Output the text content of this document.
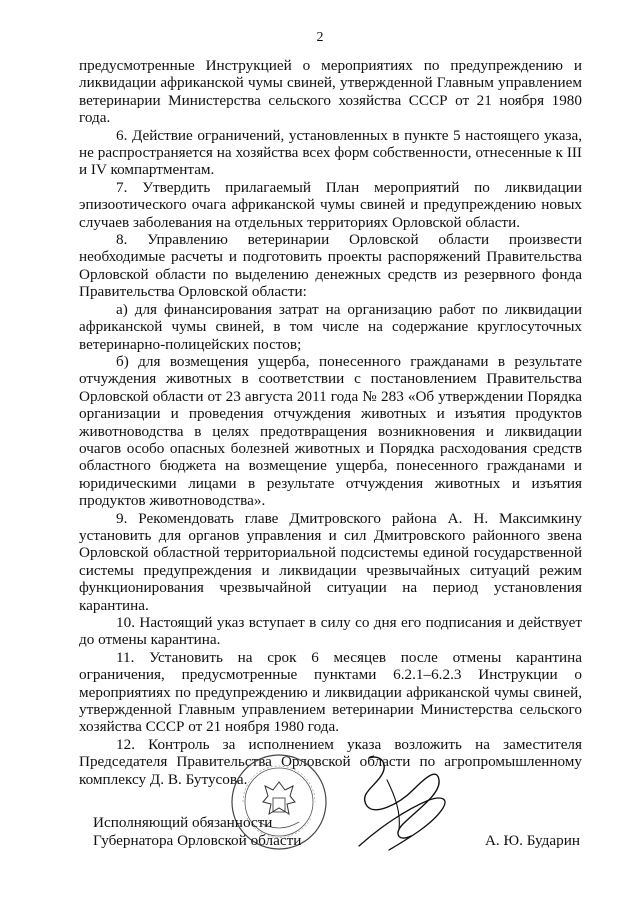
2

предусмотренные Инструкцией о мероприятиях по предупреждению и ликвидации африканской чумы свиней, утвержденной Главным управлением ветеринарии Министерства сельского хозяйства СССР от 21 ноября 1980 года.

6. Действие ограничений, установленных в пункте 5 настоящего указа, не распространяется на хозяйства всех форм собственности, отнесенные к III и IV компартментам.

7. Утвердить прилагаемый План мероприятий по ликвидации эпизоотического очага африканской чумы свиней и предупреждению новых случаев заболевания на отдельных территориях Орловской области.

8. Управлению ветеринарии Орловской области произвести необходимые расчеты и подготовить проекты распоряжений Правительства Орловской области по выделению денежных средств из резервного фонда Правительства Орловской области:

а) для финансирования затрат на организацию работ по ликвидации африканской чумы свиней, в том числе на содержание круглосуточных ветеринарно-полицейских постов;

б) для возмещения ущерба, понесенного гражданами в результате отчуждения животных в соответствии с постановлением Правительства Орловской области от 23 августа 2011 года № 283 «Об утверждении Порядка организации и проведения отчуждения животных и изъятия продуктов животноводства в целях предотвращения возникновения и ликвидации очагов особо опасных болезней животных и Порядка расходования средств областного бюджета на возмещение ущерба, понесенного гражданами и юридическими лицами в результате отчуждения животных и изъятия продуктов животноводства».

9. Рекомендовать главе Дмитровского района А. Н. Максимкину установить для органов управления и сил Дмитровского районного звена Орловской областной территориальной подсистемы единой государственной системы предупреждения и ликвидации чрезвычайных ситуаций режим функционирования чрезвычайной ситуации на период установления карантина.

10. Настоящий указ вступает в силу со дня его подписания и действует до отмены карантина.

11. Установить на срок 6 месяцев после отмены карантина ограничения, предусмотренные пунктами 6.2.1–6.2.3 Инструкции о мероприятиях по предупреждению и ликвидации африканской чумы свиней, утвержденной Главным управлением ветеринарии Министерства сельского хозяйства СССР от 21 ноября 1980 года.

12. Контроль за исполнением указа возложить на заместителя Председателя Правительства Орловской области по агропромышленному комплексу Д. В. Бутусова.

Исполняющий обязанности
Губернатора Орловской области	А. Ю. Бударин
